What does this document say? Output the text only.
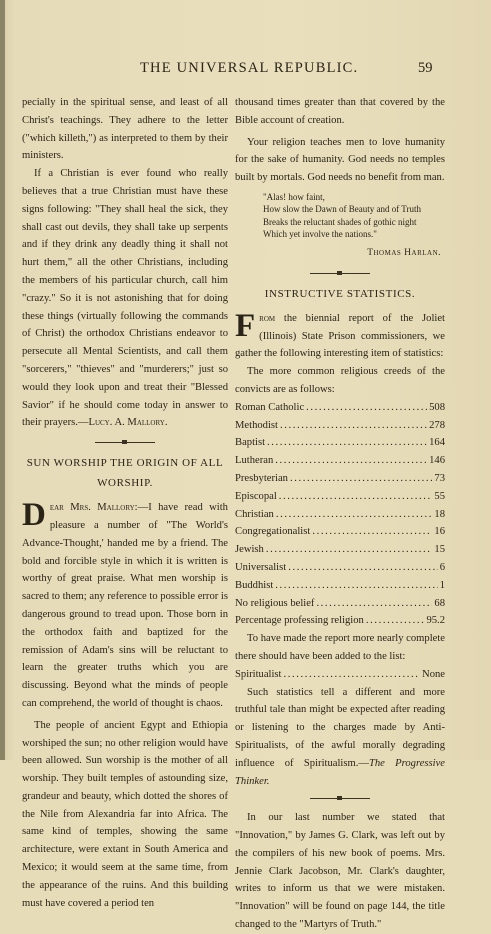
THE UNIVERSAL REPUBLIC.	59

pecially in the spiritual sense, and least of all Christ's teachings. They adhere to the letter ("which killeth,") as interpreted to them by their ministers.

If a Christian is ever found who really believes that a true Christian must have these signs following: "They shall heal the sick, they shall cast out devils, they shall take up serpents and if they drink any deadly thing it shall not hurt them," all the other Christians, including the members of his particular church, call him "crazy." So it is not astonishing that for doing these things (virtually following the commands of Christ) the orthodox Christians endeavor to persecute all Mental Scientists, and call them "sorcerers," "thieves" and "murderers;" just so would they look upon and treat their "Blessed Savior" if he should come today in answer to their prayers.—Lucy. A. Mallory.

SUN WORSHIP THE ORIGIN OF ALL WORSHIP.

Dear Mrs. Mallory:—I have read with pleasure a number of "The World's Advance-Thought,' handed me by a friend. The bold and forcible style in which it is written is worthy of great praise. What men worship is sacred to them; any reference to possible error is dangerous ground to tread upon. Those born in the orthodox faith and baptized for the remission of Adam's sins will be reluctant to learn the greater truths which you are discussing. Beyond what the minds of people can comprehend, the world of thought is chaos.

The people of ancient Egypt and Ethiopia worshiped the sun; no other religion would have been allowed. Sun worship is the mother of all worship. They built temples of astounding size, grandeur and beauty, which dotted the shores of the Nile from Alexandria far into Africa. The same kind of temples, showing the same architecture, were extant in South America and Mexico; it would seem at the same time, from the appearance of the ruins. And this building must have covered a period ten

thousand times greater than that covered by the Bible account of creation.

Your religion teaches men to love humanity for the sake of humanity. God needs no temples built by mortals. God needs no benefit from man.

"Alas! how faint,
How slow the Dawn of Beauty and of Truth
Breaks the reluctant shades of gothic night
Which yet involve the nations."
Thomas Harlan.
INSTRUCTIVE STATISTICS.

From the biennial report of the Joliet (Illinois) State Prison commissioners, we gather the following interesting item of statistics:

The more common religious creeds of the convicts are as follows:

Roman Catholic .....	508
Methodist .....	278
Baptist .....	164
Lutheran .....	146
Presbyterian .....	73
Episcopal .....	55
Christian .....	18
Congregationalist .....	16
Jewish .....	15
Universalist .....	6
Buddhist .....	1
No religious belief .....	68
Percentage professing religion .....	95.2

To have made the report more nearly complete there should have been added to the list:

Spiritualist .....	None

Such statistics tell a different and more truthful tale than might be expected after reading or listening to the charges made by Anti-Spiritualists, of the awful morally degrading influence of Spiritualism.—The Progressive Thinker.

In our last number we stated that "Innovation," by James G. Clark, was left out by the compilers of his new book of poems. Mrs. Jennie Clark Jacobson, Mr. Clark's daughter, writes to inform us that we were mistaken. "Innovation" will be found on page 144, the title changed to the "Martyrs of Truth."
